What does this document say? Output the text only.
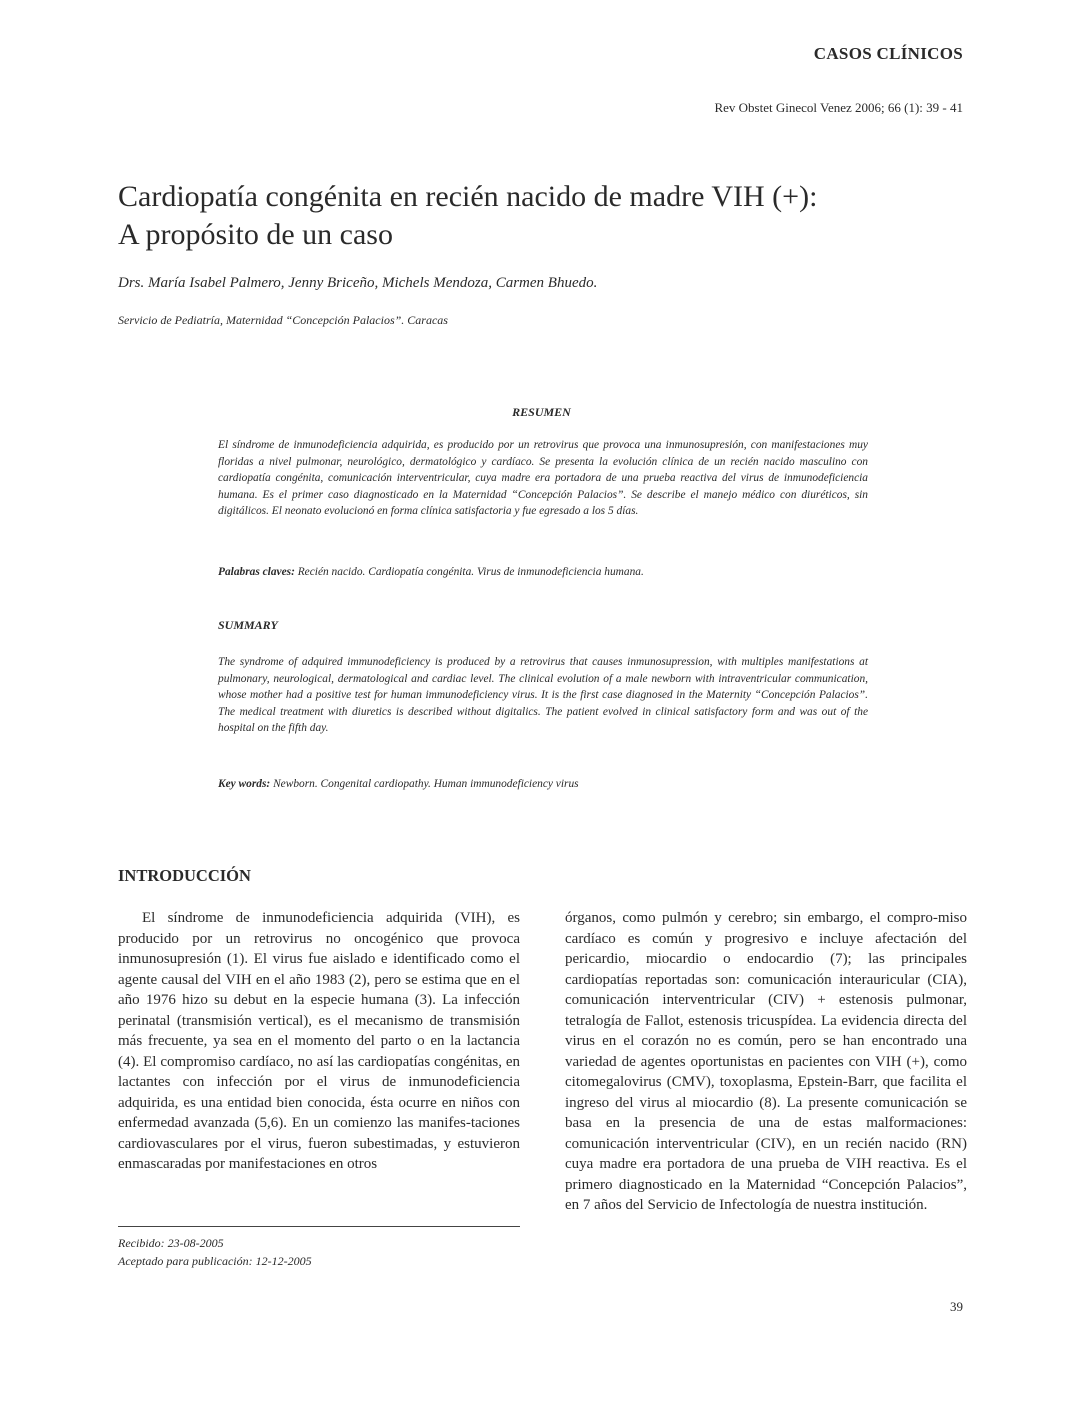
CASOS CLÍNICOS
Rev Obstet Ginecol Venez 2006; 66 (1): 39 - 41
Cardiopatía congénita en recién nacido de madre VIH (+):
A propósito de un caso
Drs. María Isabel Palmero, Jenny Briceño, Michels Mendoza, Carmen Bhuedo.
Servicio de Pediatría, Maternidad “Concepción Palacios”. Caracas
RESUMEN

El síndrome de inmunodeficiencia adquirida, es producido por un retrovirus que provoca una inmunosupresión, con manifestaciones muy floridas a nivel pulmonar, neurológico, dermatológico y cardíaco. Se presenta la evolución clínica de un recién nacido masculino con cardiopatía congénita, comunicación interventricular, cuya madre era portadora de una prueba reactiva del virus de inmunodeficiencia humana. Es el primer caso diagnosticado en la Maternidad “Concepción Palacios”. Se describe el manejo médico con diuréticos, sin digitálicos. El neonato evolucionó en forma clínica satisfactoria y fue egresado a los 5 días.

Palabras claves: Recién nacido. Cardiopatía congénita. Virus de inmunodeficiencia humana.
SUMMARY

The syndrome of adquired immunodeficiency is produced by a retrovirus that causes inmunosupression, with multiples manifestations at pulmonary, neurological, dermatological and cardiac level. The clinical evolution of a male newborn with intraventricular communication, whose mother had a positive test for human immunodeficiency virus. It is the first case diagnosed in the Maternity “Concepción Palacios”. The medical treatment with diuretics is described without digitalics. The patient evolved in clinical satisfactory form and was out of the hospital on the fifth day.

Key words: Newborn. Congenital cardiopathy. Human immunodeficiency virus
INTRODUCCIÓN

El síndrome de inmunodeficiencia adquirida (VIH), es producido por un retrovirus no oncogénico que provoca inmunosupresión (1). El virus fue aislado e identificado como el agente causal del VIH en el año 1983 (2), pero se estima que en el año 1976 hizo su debut en la especie humana (3). La infección perinatal (transmisión vertical), es el mecanismo de transmisión más frecuente, ya sea en el momento del parto o en la lactancia (4). El compromiso cardíaco, no así las cardiopatías congénitas, en lactantes con infección por el virus de inmunodeficiencia adquirida, es una entidad bien conocida, ésta ocurre en niños con enfermedad avanzada (5,6). En un comienzo las manifes-taciones cardiovasculares por el virus, fueron subestimadas, y estuvieron enmascaradas por manifestaciones en otros

órganos, como pulmón y cerebro; sin embargo, el compro-miso cardíaco es común y progresivo e incluye afectación del pericardio, miocardio o endocardio (7); las principales cardiopatías reportadas son: comunicación interauricular (CIA), comunicación interventricular (CIV) + estenosis pulmonar, tetralogía de Fallot, estenosis tricuspídea. La evidencia directa del virus en el corazón no es común, pero se han encontrado una variedad de agentes oportunistas en pacientes con VIH (+), como citomegalovirus (CMV), toxoplasma, Epstein-Barr, que facilita el ingreso del virus al miocardio (8). La presente comunicación se basa en la presencia de una de estas malformaciones: comunicación interventricular (CIV), en un recién nacido (RN) cuya madre era portadora de una prueba de VIH reactiva. Es el primero diagnosticado en la Maternidad “Concepción Palacios”, en 7 años del Servicio de Infectología de nuestra institución.

Recibido: 23-08-2005
Aceptado para publicación: 12-12-2005
39
